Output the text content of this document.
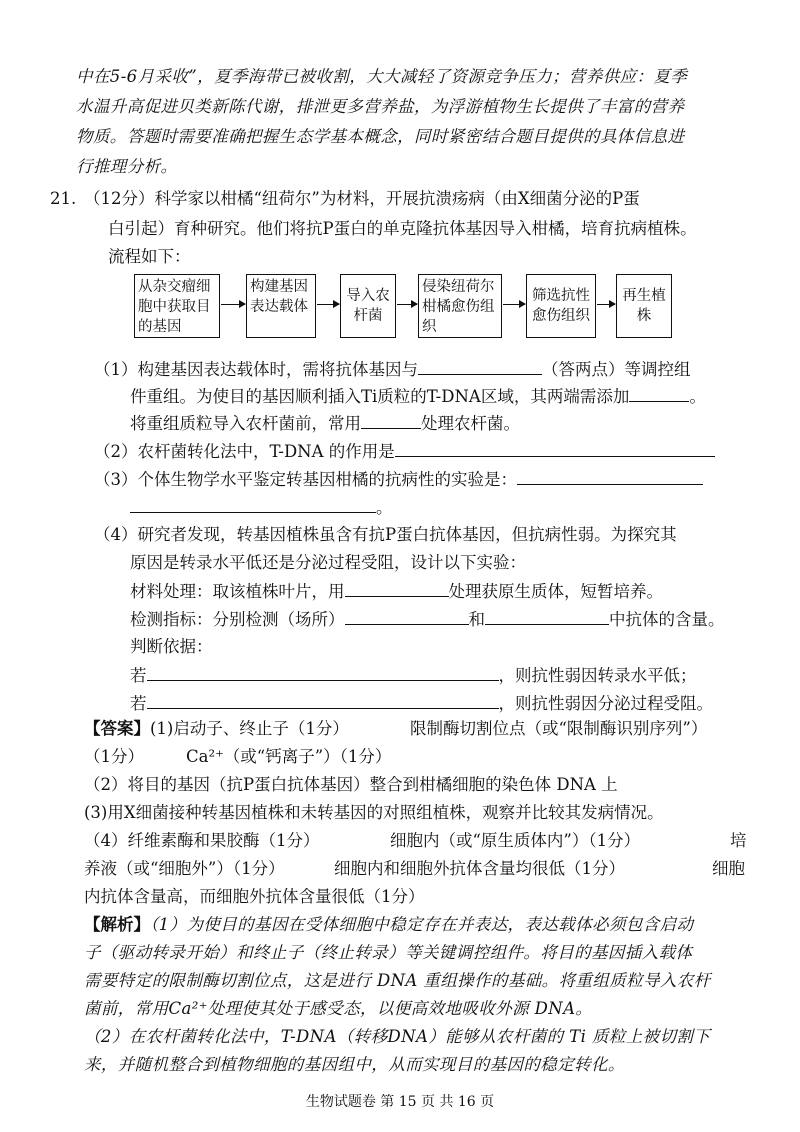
中在5-6月采收”，夏季海带已被收割，大大减轻了资源竞争压力；营养供应：夏季
水温升高促进贝类新陈代谢，排泄更多营养盐，为浮游植物生长提供了丰富的营养
物质。答题时需要准确把握生态学基本概念，同时紧密结合题目提供的具体信息进
行推理分析。
21. （12分）科学家以柑橘“纽荷尔”为材料，开展抗溃疡病（由X细菌分泌的P蛋
白引起）育种研究。他们将抗P蛋白的单克隆抗体基因导入柑橘，培育抗病植株。
流程如下：
从杂交瘤细胞中获取目的基因
构建基因表达载体
导入农杆菌
侵染纽荷尔柑橘愈伤组织
筛选抗性愈伤组织
再生植株
（1）构建基因表达载体时，需将抗体基因与	（答两点）等调控组
件重组。为使目的基因顺利插入Ti质粒的T-DNA区域，其两端需添加	。
将重组质粒导入农杆菌前，常用	处理农杆菌。
（2）农杆菌转化法中，T-DNA 的作用是
（3）个体生物学水平鉴定转基因柑橘的抗病性的实验是：
。
（4）研究者发现，转基因植株虽含有抗P蛋白抗体基因，但抗病性弱。为探究其
原因是转录水平低还是分泌过程受阻，设计以下实验：
材料处理：取该植株叶片，用	处理获原生质体，短暂培养。
检测指标：分别检测（场所）	和	中抗体的含量。
判断依据：
若	，则抗性弱因转录水平低；
若	，则抗性弱因分泌过程受阻。
【答案】(1)启动子、终止子（1分）	限制酶切割位点（或“限制酶识别序列”）
（1分）	Ca²⁺（或“钙离子”）（1分）
（2）将目的基因（抗P蛋白抗体基因）整合到柑橘细胞的染色体 DNA 上
(3)用X细菌接种转基因植株和未转基因的对照组植株，观察并比较其发病情况。
（4）纤维素酶和果胶酶（1分）	细胞内（或“原生质体内”）（1分）	培
养液（或“细胞外”）（1分）	细胞内和细胞外抗体含量均很低（1分）	细胞
内抗体含量高，而细胞外抗体含量很低（1分）
【解析】（1）为使目的基因在受体细胞中稳定存在并表达，表达载体必须包含启动
子（驱动转录开始）和终止子（终止转录）等关键调控组件。将目的基因插入载体
需要特定的限制酶切割位点，这是进行 DNA 重组操作的基础。将重组质粒导入农杆
菌前，常用Ca²⁺处理使其处于感受态，以便高效地吸收外源 DNA。
（2）在农杆菌转化法中，T-DNA（转移DNA）能够从农杆菌的 Ti 质粒上被切割下
来，并随机整合到植物细胞的基因组中，从而实现目的基因的稳定转化。
生物试题卷 第 15 页 共 16 页
